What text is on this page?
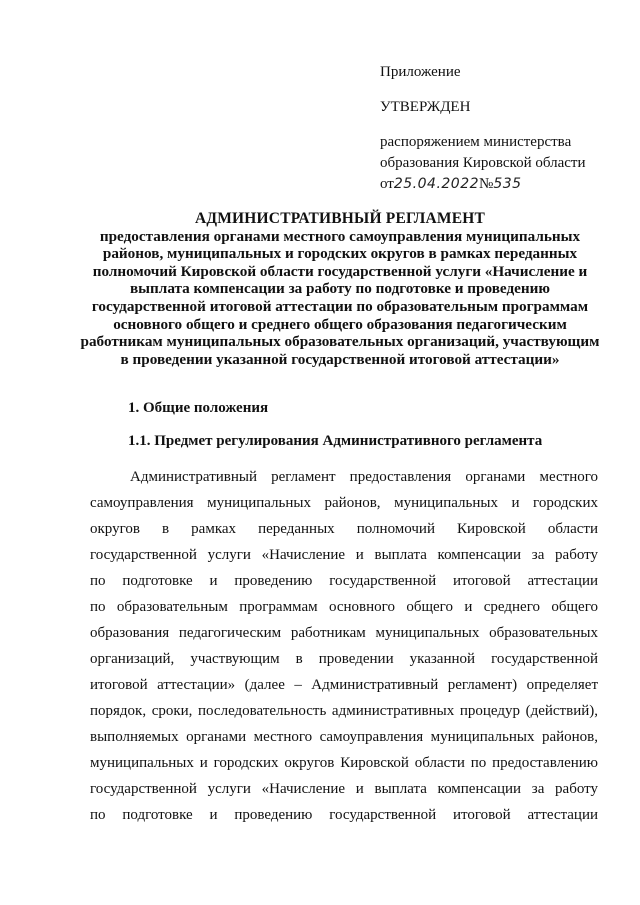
Приложение
УТВЕРЖДЕН
распоряжением министерства
образования Кировской области
от25.04.2022№535
АДМИНИСТРАТИВНЫЙ РЕГЛАМЕНТ
предоставления органами местного самоуправления муниципальных
районов, муниципальных и городских округов в рамках переданных
полномочий Кировской области государственной услуги «Начисление и
выплата компенсации за работу по подготовке и проведению
государственной итоговой аттестации по образовательным программам
основного общего и среднего общего образования педагогическим
работникам муниципальных образовательных организаций, участвующим
в проведении указанной государственной итоговой аттестации»
1. Общие положения
1.1. Предмет регулирования Административного регламента
Административный регламент предоставления органами местного
самоуправления муниципальных районов, муниципальных и городских
округов в рамках переданных полномочий Кировской области
государственной услуги «Начисление и выплата компенсации за работу
по подготовке и проведению государственной итоговой аттестации
по образовательным программам основного общего и среднего общего
образования педагогическим работникам муниципальных образовательных
организаций, участвующим в проведении указанной государственной
итоговой аттестации» (далее – Административный регламент) определяет
порядок, сроки, последовательность административных процедур (действий),
выполняемых органами местного самоуправления муниципальных районов,
муниципальных и городских округов Кировской области по предоставлению
государственной услуги «Начисление и выплата компенсации за работу
по подготовке и проведению государственной итоговой аттестации
